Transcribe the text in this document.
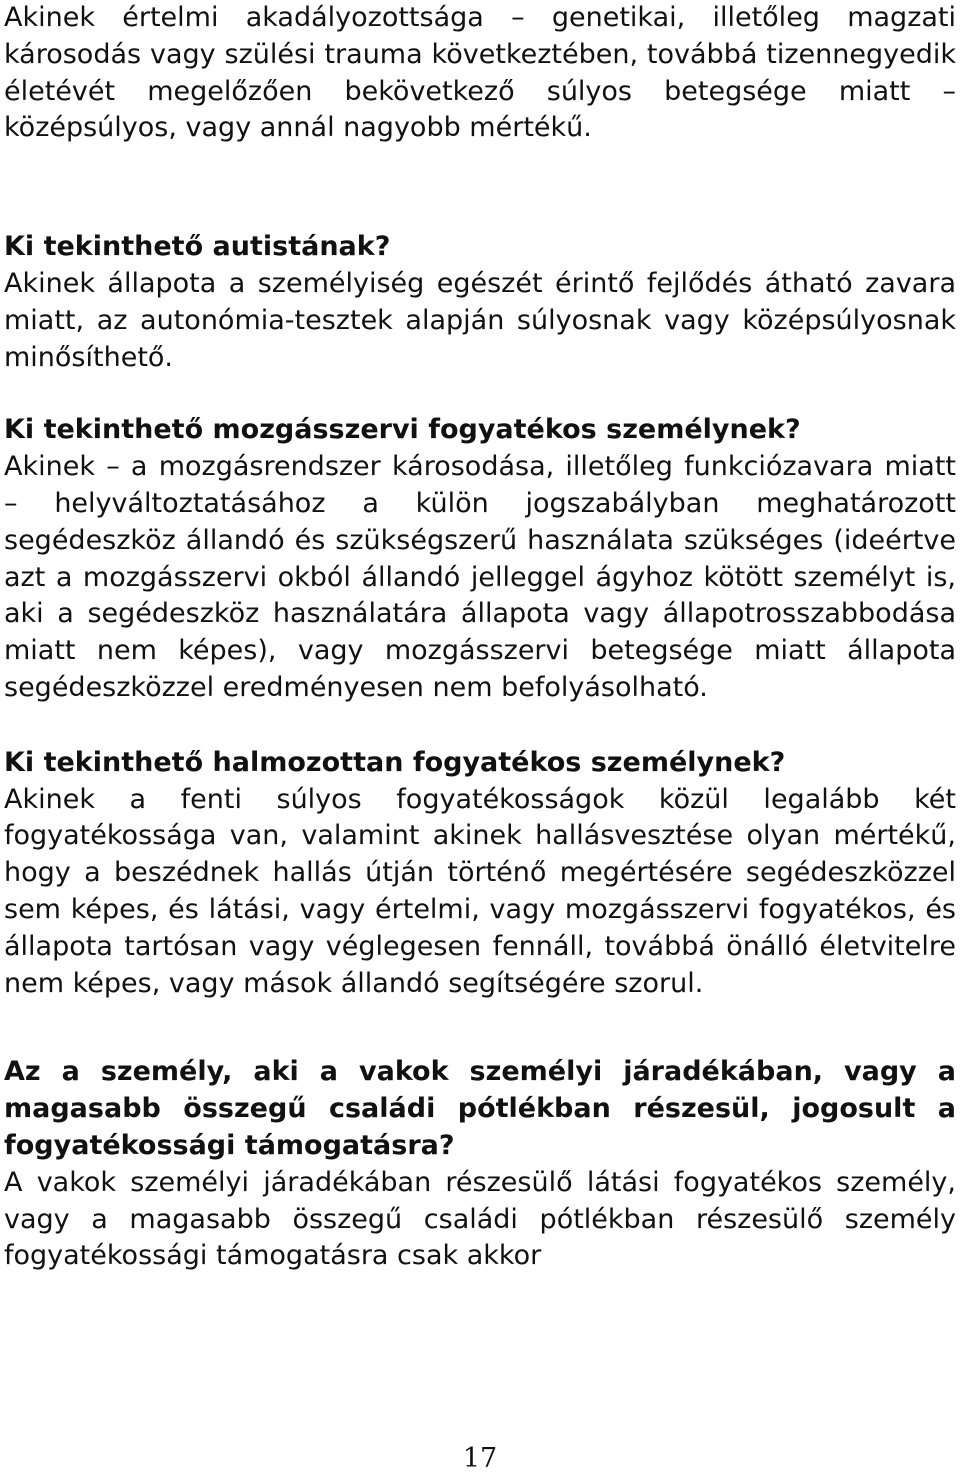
Akinek értelmi akadályozottsága – genetikai, illetőleg magzati károsodás vagy szülési trauma következtében, továbbá tizennegyedik életévét megelőzően bekövetkező súlyos betegsége miatt – középsúlyos, vagy annál nagyobb mértékű.

Ki tekinthető autistának?

Akinek állapota a személyiség egészét érintő fejlődés átható zavara miatt, az autonómia-tesztek alapján súlyosnak vagy középsúlyosnak minősíthető.

Ki tekinthető mozgásszervi fogyatékos személynek?

Akinek – a mozgásrendszer károsodása, illetőleg funkciózavara miatt – helyváltoztatásához a külön jogszabályban meghatározott segédeszköz állandó és szükségszerű használata szükséges (ideértve azt a mozgásszervi okból állandó jelleggel ágyhoz kötött személyt is, aki a segédeszköz használatára állapota vagy állapotrosszabbodása miatt nem képes), vagy mozgásszervi betegsége miatt állapota segédeszközzel eredményesen nem befolyásolható.

Ki tekinthető halmozottan fogyatékos személynek?

Akinek a fenti súlyos fogyatékosságok közül legalább két fogyatékossága van, valamint akinek hallásvesztése olyan mértékű, hogy a beszédnek hallás útján történő megértésére segédeszközzel sem képes, és látási, vagy értelmi, vagy mozgásszervi fogyatékos, és állapota tartósan vagy véglegesen fennáll, továbbá önálló életvitelre nem képes, vagy mások állandó segítségére szorul.

Az a személy, aki a vakok személyi járadékában, vagy a magasabb összegű családi pótlékban részesül, jogosult a fogyatékossági támogatásra?

A vakok személyi járadékában részesülő látási fogyatékos személy, vagy a magasabb összegű családi pótlékban részesülő személy fogyatékossági támogatásra csak akkor

17
